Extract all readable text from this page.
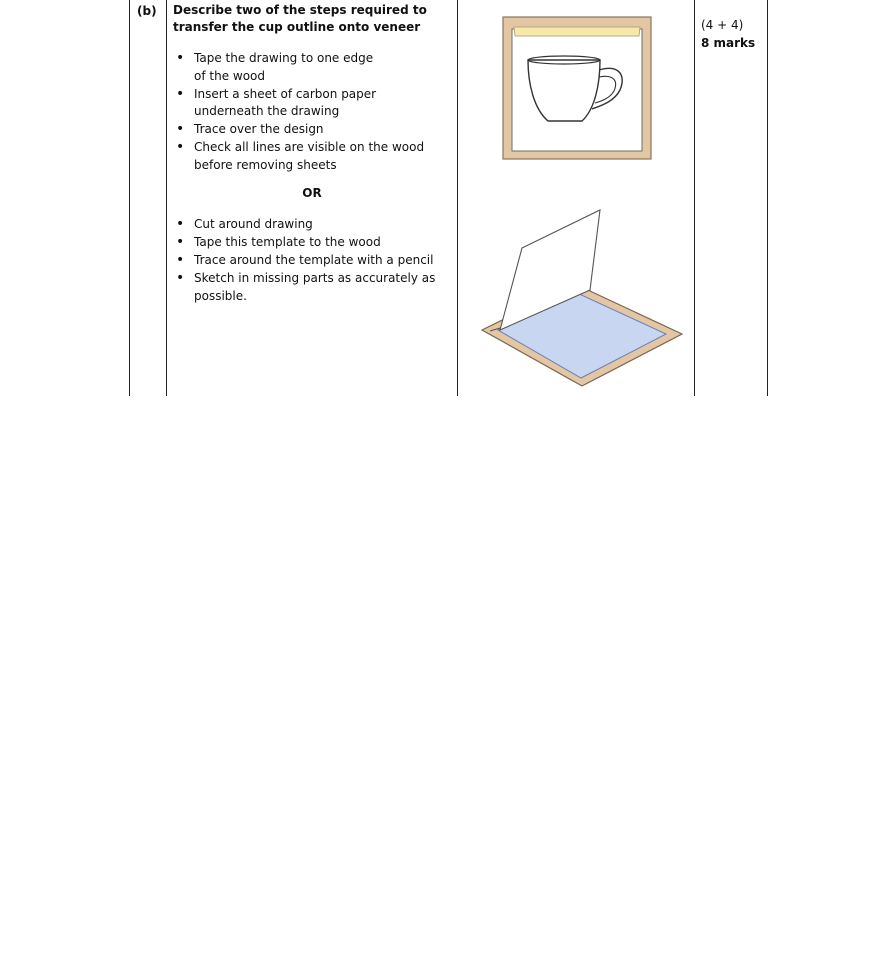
(b) Describe two of the steps required to transfer the cup outline onto veneer
• Tape the drawing to one edge of the wood
• Insert a sheet of carbon paper underneath the drawing
• Trace over the design
• Check all lines are visible on the wood before removing sheets
OR
• Cut around drawing
• Tape this template to the wood
• Trace around the template with a pencil
• Sketch in missing parts as accurately as possible.
(4 + 4)
8 marks
